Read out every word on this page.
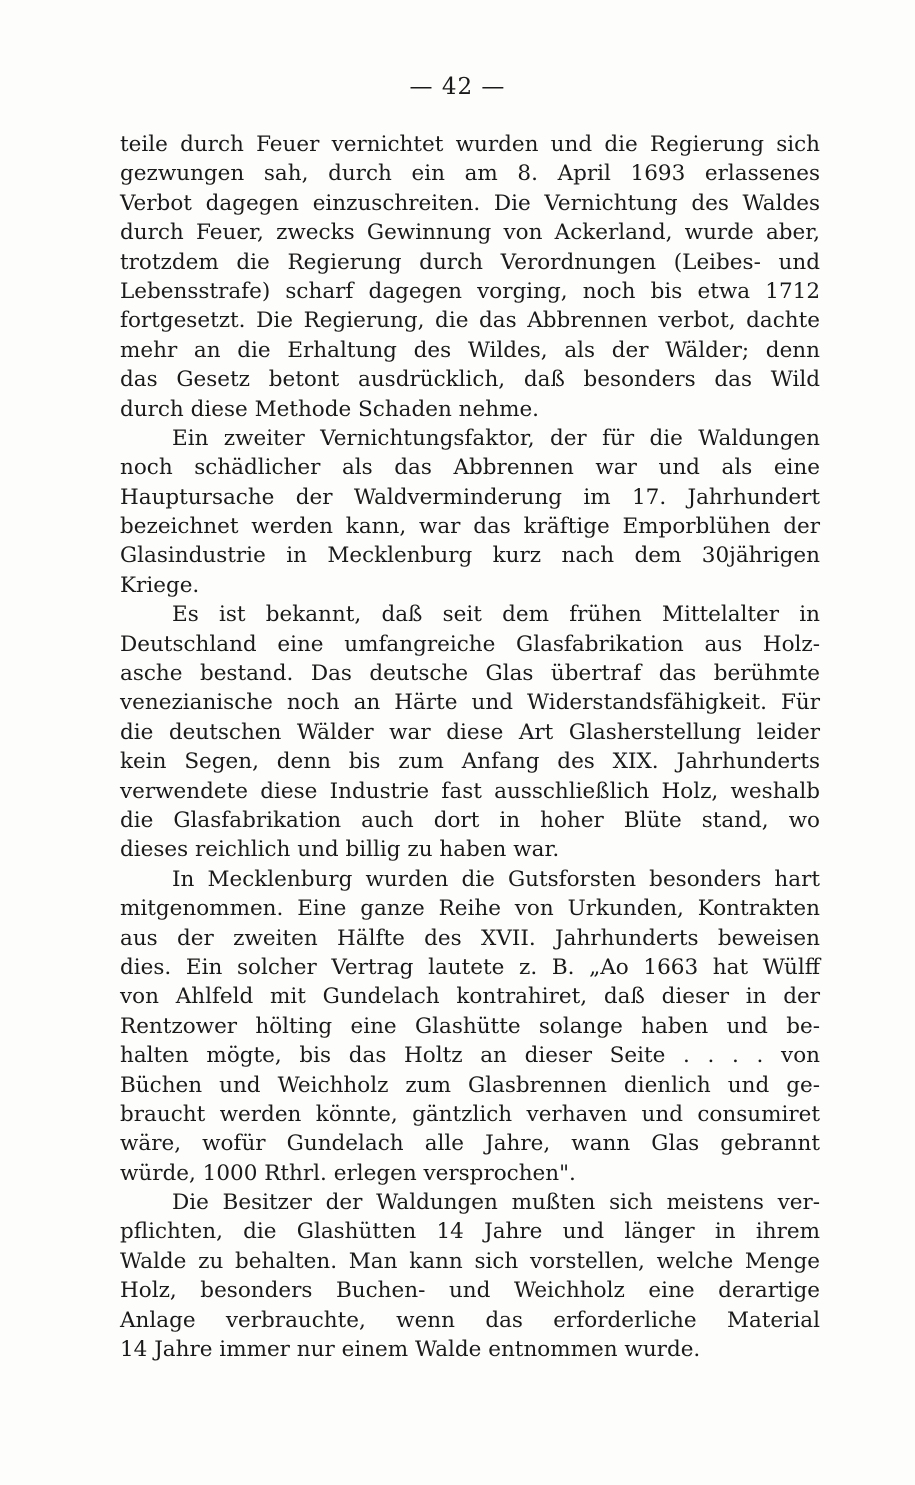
— 42 —
teile durch Feuer vernichtet wurden und die Regierung sich
gezwungen sah, durch ein am 8. April 1693 erlassenes
Verbot dagegen einzuschreiten. Die Vernichtung des Waldes
durch Feuer, zwecks Gewinnung von Ackerland, wurde aber,
trotzdem die Regierung durch Verordnungen (Leibes- und
Lebensstrafe) scharf dagegen vorging, noch bis etwa 1712
fortgesetzt. Die Regierung, die das Abbrennen verbot, dachte
mehr an die Erhaltung des Wildes, als der Wälder; denn
das Gesetz betont ausdrücklich, daß besonders das Wild
durch diese Methode Schaden nehme.
Ein zweiter Vernichtungsfaktor, der für die Waldungen
noch schädlicher als das Abbrennen war und als eine
Hauptursache der Waldverminderung im 17. Jahrhundert
bezeichnet werden kann, war das kräftige Emporblühen der
Glasindustrie in Mecklenburg kurz nach dem 30jährigen
Kriege.
Es ist bekannt, daß seit dem frühen Mittelalter in
Deutschland eine umfangreiche Glasfabrikation aus Holz-
asche bestand. Das deutsche Glas übertraf das berühmte
venezianische noch an Härte und Widerstandsfähigkeit. Für
die deutschen Wälder war diese Art Glasherstellung leider
kein Segen, denn bis zum Anfang des XIX. Jahrhunderts
verwendete diese Industrie fast ausschließlich Holz, weshalb
die Glasfabrikation auch dort in hoher Blüte stand, wo
dieses reichlich und billig zu haben war.
In Mecklenburg wurden die Gutsforsten besonders hart
mitgenommen. Eine ganze Reihe von Urkunden, Kontrakten
aus der zweiten Hälfte des XVII. Jahrhunderts beweisen
dies. Ein solcher Vertrag lautete z. B. „Ao 1663 hat Wülff
von Ahlfeld mit Gundelach kontrahiret, daß dieser in der
Rentzower hölting eine Glashütte solange haben und be-
halten mögte, bis das Holtz an dieser Seite . . . . von
Büchen und Weichholz zum Glasbrennen dienlich und ge-
braucht werden könnte, gäntzlich verhaven und consumiret
wäre, wofür Gundelach alle Jahre, wann Glas gebrannt
würde, 1000 Rthrl. erlegen versprochen".
Die Besitzer der Waldungen mußten sich meistens ver-
pflichten, die Glashütten 14 Jahre und länger in ihrem
Walde zu behalten. Man kann sich vorstellen, welche Menge
Holz, besonders Buchen- und Weichholz eine derartige
Anlage verbrauchte, wenn das erforderliche Material
14 Jahre immer nur einem Walde entnommen wurde.
